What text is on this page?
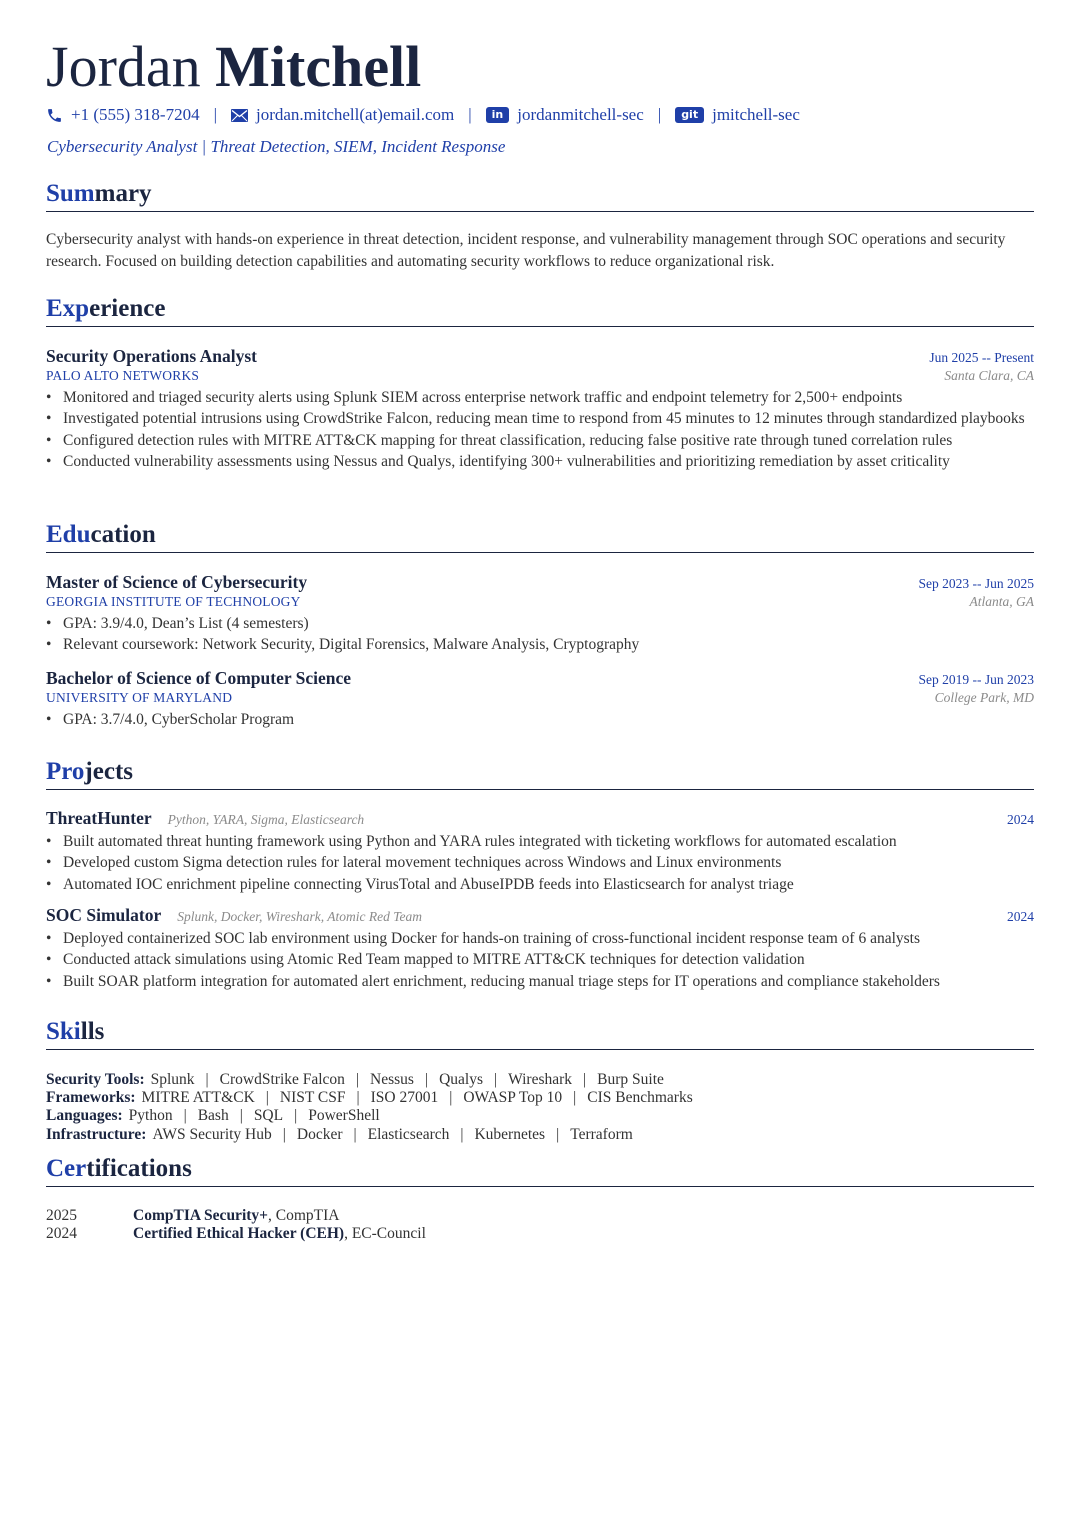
Jordan Mitchell
+1 (555) 318-7204 | jordan.mitchell(at)email.com |	in jordanmitchell-sec |	git jmitchell-sec
Cybersecurity Analyst | Threat Detection, SIEM, Incident Response
Summary

Cybersecurity analyst with hands-on experience in threat detection, incident response, and vulnerability management through SOC operations and security research. Focused on building detection capabilities and automating security workflows to reduce organizational risk.

Experience
Security Operations Analyst	Jun 2025 -- Present
PALO ALTO NETWORKS	Santa Clara, CA
• Monitored and triaged security alerts using Splunk SIEM across enterprise network traffic and endpoint telemetry for 2,500+ endpoints
• Investigated potential intrusions using CrowdStrike Falcon, reducing mean time to respond from 45 minutes to 12 minutes through standardized playbooks
• Configured detection rules with MITRE ATT&CK mapping for threat classification, reducing false positive rate through tuned correlation rules
• Conducted vulnerability assessments using Nessus and Qualys, identifying 300+ vulnerabilities and prioritizing remediation by asset criticality
Education
Master of Science of Cybersecurity	Sep 2023 -- Jun 2025
GEORGIA INSTITUTE OF TECHNOLOGY	Atlanta, GA
• GPA: 3.9/4.0, Dean’s List (4 semesters)
• Relevant coursework: Network Security, Digital Forensics, Malware Analysis, Cryptography
Bachelor of Science of Computer Science	Sep 2019 -- Jun 2023
UNIVERSITY OF MARYLAND	College Park, MD
• GPA: 3.7/4.0, CyberScholar Program
Projects
ThreatHunter Python, YARA, Sigma, Elasticsearch	2024
• Built automated threat hunting framework using Python and YARA rules integrated with ticketing workflows for automated escalation
• Developed custom Sigma detection rules for lateral movement techniques across Windows and Linux environments
• Automated IOC enrichment pipeline connecting VirusTotal and AbuseIPDB feeds into Elasticsearch for analyst triage
SOC Simulator Splunk, Docker, Wireshark, Atomic Red Team	2024
• Deployed containerized SOC lab environment using Docker for hands-on training of cross-functional incident response team of 6 analysts
• Conducted attack simulations using Atomic Red Team mapped to MITRE ATT&CK techniques for detection validation
• Built SOAR platform integration for automated alert enrichment, reducing manual triage steps for IT operations and compliance stakeholders
Skills
Security Tools: Splunk | CrowdStrike Falcon | Nessus | Qualys | Wireshark | Burp Suite
Frameworks: MITRE ATT&CK | NIST CSF | ISO 27001 | OWASP Top 10 | CIS Benchmarks
Languages: Python | Bash | SQL | PowerShell
Infrastructure: AWS Security Hub | Docker | Elasticsearch | Kubernetes | Terraform
Certifications
2025	CompTIA Security+ , CompTIA
2024	Certified Ethical Hacker (CEH) , EC-Council
